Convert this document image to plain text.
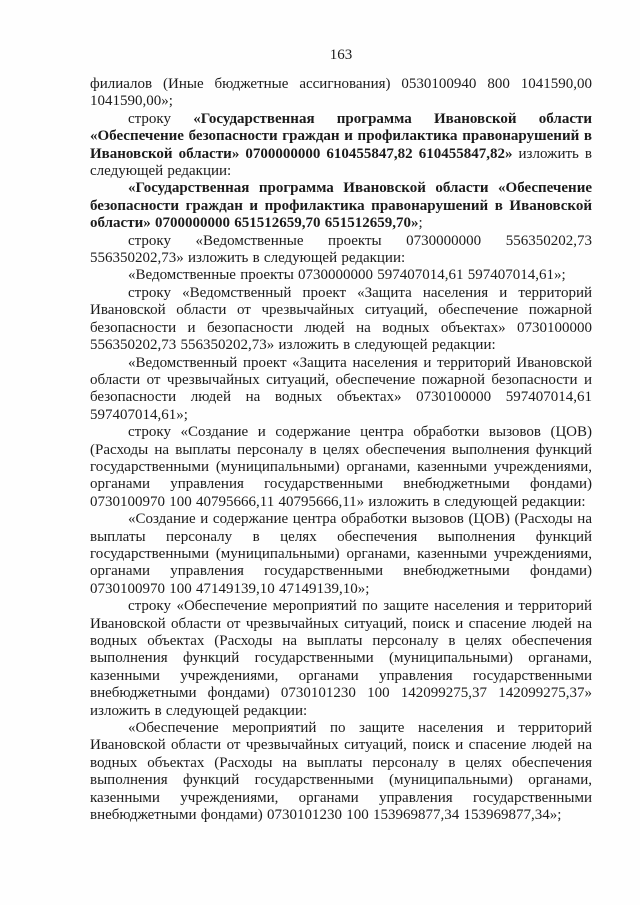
163

филиалов (Иные бюджетные ассигнования) 0530100940 800 1041590,00 1041590,00»;

строку «Государственная программа Ивановской области «Обеспечение безопасности граждан и профилактика правонарушений в Ивановской области» 0700000000 610455847,82 610455847,82» изложить в следующей редакции:

«Государственная программа Ивановской области «Обеспечение безопасности граждан и профилактика правонарушений в Ивановской области» 0700000000 651512659,70 651512659,70»;

строку «Ведомственные проекты 0730000000 556350202,73 556350202,73» изложить в следующей редакции:

«Ведомственные проекты 0730000000 597407014,61 597407014,61»;

строку «Ведомственный проект «Защита населения и территорий Ивановской области от чрезвычайных ситуаций, обеспечение пожарной безопасности и безопасности людей на водных объектах» 0730100000 556350202,73 556350202,73» изложить в следующей редакции:

«Ведомственный проект «Защита населения и территорий Ивановской области от чрезвычайных ситуаций, обеспечение пожарной безопасности и безопасности людей на водных объектах» 0730100000 597407014,61 597407014,61»;

строку «Создание и содержание центра обработки вызовов (ЦОВ) (Расходы на выплаты персоналу в целях обеспечения выполнения функций государственными (муниципальными) органами, казенными учреждениями, органами управления государственными внебюджетными фондами) 0730100970 100 40795666,11 40795666,11» изложить в следующей редакции:

«Создание и содержание центра обработки вызовов (ЦОВ) (Расходы на выплаты персоналу в целях обеспечения выполнения функций государственными (муниципальными) органами, казенными учреждениями, органами управления государственными внебюджетными фондами) 0730100970 100 47149139,10 47149139,10»;

строку «Обеспечение мероприятий по защите населения и территорий Ивановской области от чрезвычайных ситуаций, поиск и спасение людей на водных объектах (Расходы на выплаты персоналу в целях обеспечения выполнения функций государственными (муниципальными) органами, казенными учреждениями, органами управления государственными внебюджетными фондами) 0730101230 100 142099275,37 142099275,37» изложить в следующей редакции:

«Обеспечение мероприятий по защите населения и территорий Ивановской области от чрезвычайных ситуаций, поиск и спасение людей на водных объектах (Расходы на выплаты персоналу в целях обеспечения выполнения функций государственными (муниципальными) органами, казенными учреждениями, органами управления государственными внебюджетными фондами) 0730101230 100 153969877,34 153969877,34»;
